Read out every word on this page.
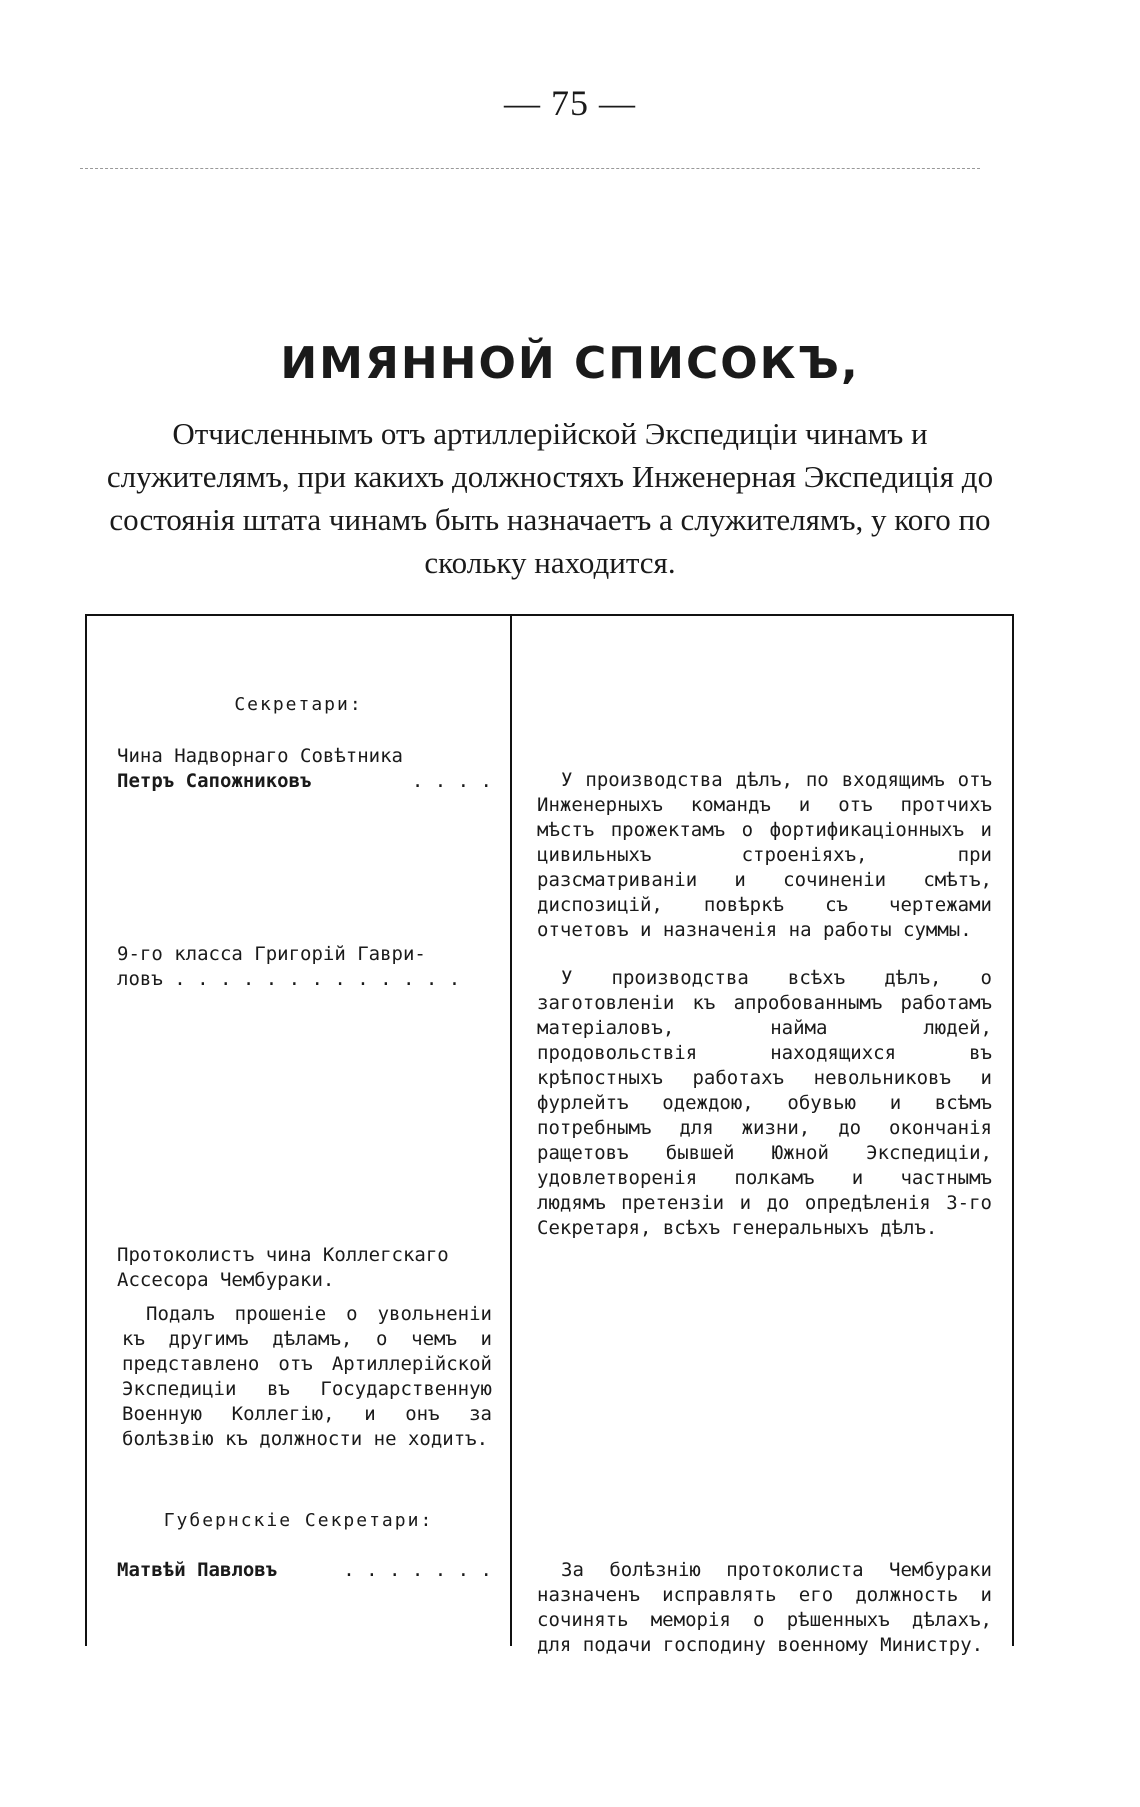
— 75 —
ИМЯННОЙ СПИСОКЪ,
Отчисленнымъ отъ артиллерійской Экспедиціи чинамъ и служителямъ, при какихъ должностяхъ Инженерная Экспедиція до состоянія штата чинамъ быть назначаетъ а служителямъ, у кого по скольку находится.
Секретари:
Чина Надворнаго Совѣтника
Петръ Сапожниковъ	. . . .
9-го класса Григорій Гаври-
ловъ . . . . . . . . . . . . .
Протоколистъ чина Коллегскаго
Ассесора Чембураки.
Подалъ прошеніе о увольненіи къ другимъ дѣламъ, о чемъ и представлено отъ Артиллерійской Экспедиціи въ Государственную Военную Коллегію, и онъ за болѣзвію къ должности не ходитъ.
Губернскіе Секретари:
Матвѣй Павловъ	. . . . . . .
У производства дѣлъ, по входящимъ отъ Инженерныхъ командъ и отъ протчихъ мѣстъ прожектамъ о фортификаціонныхъ и цивильныхъ строеніяхъ, при разсматриваніи и сочиненіи смѣтъ, диспозицій, повѣркѣ съ чертежами отчетовъ и назначенія на работы суммы.
У производства всѣхъ дѣлъ, о заготовленіи къ апробованнымъ работамъ матеріаловъ, найма людей, продовольствія находящихся въ крѣпостныхъ работахъ невольниковъ и фурлейтъ одеждою, обувью и всѣмъ потребнымъ для жизни, до окончанія ращетовъ бывшей Южной Экспедиціи, удовлетворенія полкамъ и частнымъ людямъ претензіи и до опредѣленія 3-го Секретаря, всѣхъ генеральныхъ дѣлъ.
За болѣзнію протоколиста Чембураки назначенъ исправлять его должность и сочинять меморія о рѣшенныхъ дѣлахъ, для подачи господину военному Министру.
